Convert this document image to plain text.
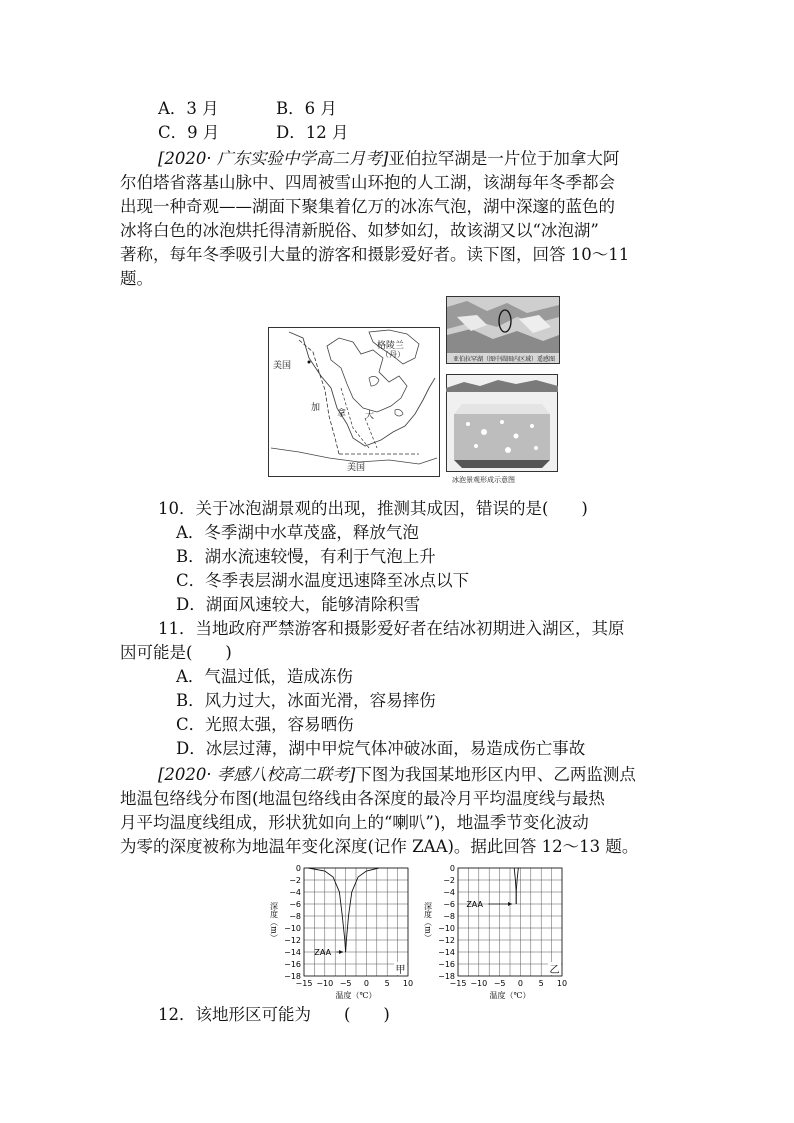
A．3 月	B．6 月
C．9 月	D．12 月
[2020· 广东实验中学高二月考]亚伯拉罕湖是一片位于加拿大阿
尔伯塔省落基山脉中、四周被雪山环抱的人工湖，该湖每年冬季都会
出现一种奇观——湖面下聚集着亿万的冰冻气泡，湖中深邃的蓝色的
冰将白色的冰泡烘托得清新脱俗、如梦如幻，故该湖又以“冰泡湖”
著称，每年冬季吸引大量的游客和摄影爱好者。读下图，回答 10～11
题。
格陵兰
（丹）
美国
美国
加
拿 大
亚伯拉罕湖（图中圆圈内区域）遥感图
冰泡景观形成示意图
10．关于冰泡湖景观的出现，推测其成因，错误的是(　　)
A．冬季湖中水草茂盛，释放气泡
B．湖水流速较慢，有利于气泡上升
C．冬季表层湖水温度迅速降至冰点以下
D．湖面风速较大，能够清除积雪
11．当地政府严禁游客和摄影爱好者在结冰初期进入湖区，其原
因可能是(　　)
A．气温过低，造成冻伤
B．风力过大，冰面光滑，容易摔伤
C．光照太强，容易晒伤
D．冰层过薄，湖中甲烷气体冲破冰面，易造成伤亡事故
[2020· 孝感八校高二联考]下图为我国某地形区内甲、乙两监测点
地温包络线分布图(地温包络线由各深度的最冷月平均温度线与最热
月平均温度线组成，形状犹如向上的“喇叭”)，地温季节变化波动
为零的深度被称为地温年变化深度(记作 ZAA)。据此回答 12～13 题。
0
−2
−4
−6
−8
−10
−12
−14
−16
−18
−15 −10 −5 0 5 10
温度（℃）
深度（m）
ZAA
甲
0
−2
−4
−6
−8
−10
−12
−14
−16
−18
−15 −10 −5 0 5 10
温度（℃）
深度（m）	ZAA
乙
12．该地形区可能为　　(　　)
